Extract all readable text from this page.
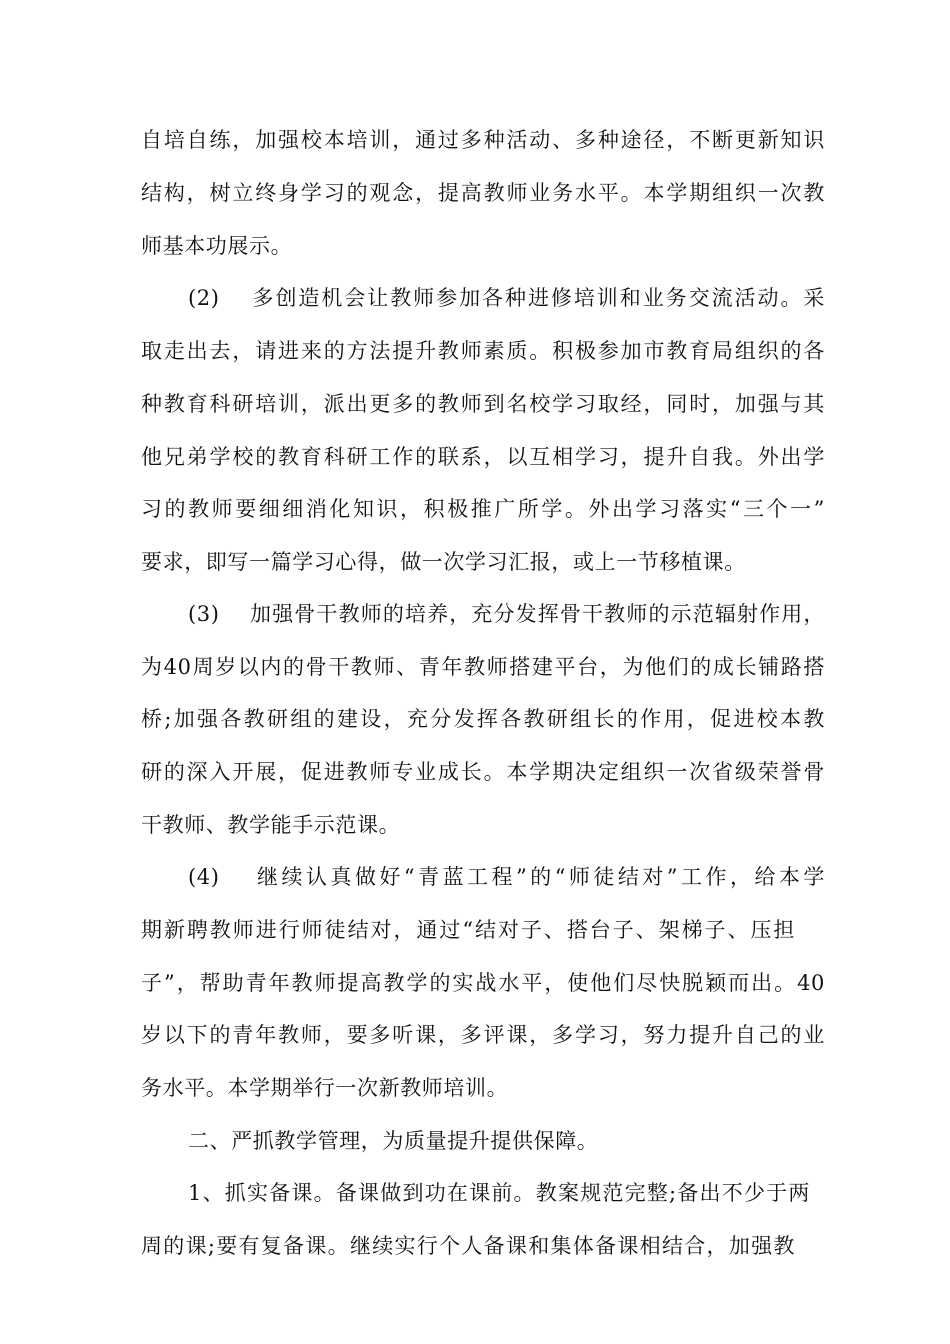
自培自练，加强校本培训，通过多种活动、多种途径，不断更新知识
结构，树立终身学习的观念，提高教师业务水平。本学期组织一次教
师基本功展示。
(2)　 多创造机会让教师参加各种进修培训和业务交流活动。采
取走出去，请进来的方法提升教师素质。积极参加市教育局组织的各
种教育科研培训，派出更多的教师到名校学习取经，同时，加强与其
他兄弟学校的教育科研工作的联系，以互相学习，提升自我。外出学
习的教师要细细消化知识，积极推广所学。外出学习落实“三个一”
要求，即写一篇学习心得，做一次学习汇报，或上一节移植课。
(3)　 加强骨干教师的培养，充分发挥骨干教师的示范辐射作用，
为40周岁以内的骨干教师、青年教师搭建平台，为他们的成长铺路搭
桥;加强各教研组的建设，充分发挥各教研组长的作用，促进校本教
研的深入开展，促进教师专业成长。本学期决定组织一次省级荣誉骨
干教师、教学能手示范课。
(4)　 继续认真做好“青蓝工程”的“师徒结对”工作，给本学
期新聘教师进行师徒结对，通过“结对子、搭台子、架梯子、压担
子”，帮助青年教师提高教学的实战水平，使他们尽快脱颖而出。40
岁以下的青年教师，要多听课，多评课，多学习，努力提升自己的业
务水平。本学期举行一次新教师培训。
二、严抓教学管理，为质量提升提供保障。
1、抓实备课。备课做到功在课前。教案规范完整;备出不少于两
周的课;要有复备课。继续实行个人备课和集体备课相结合，加强教
